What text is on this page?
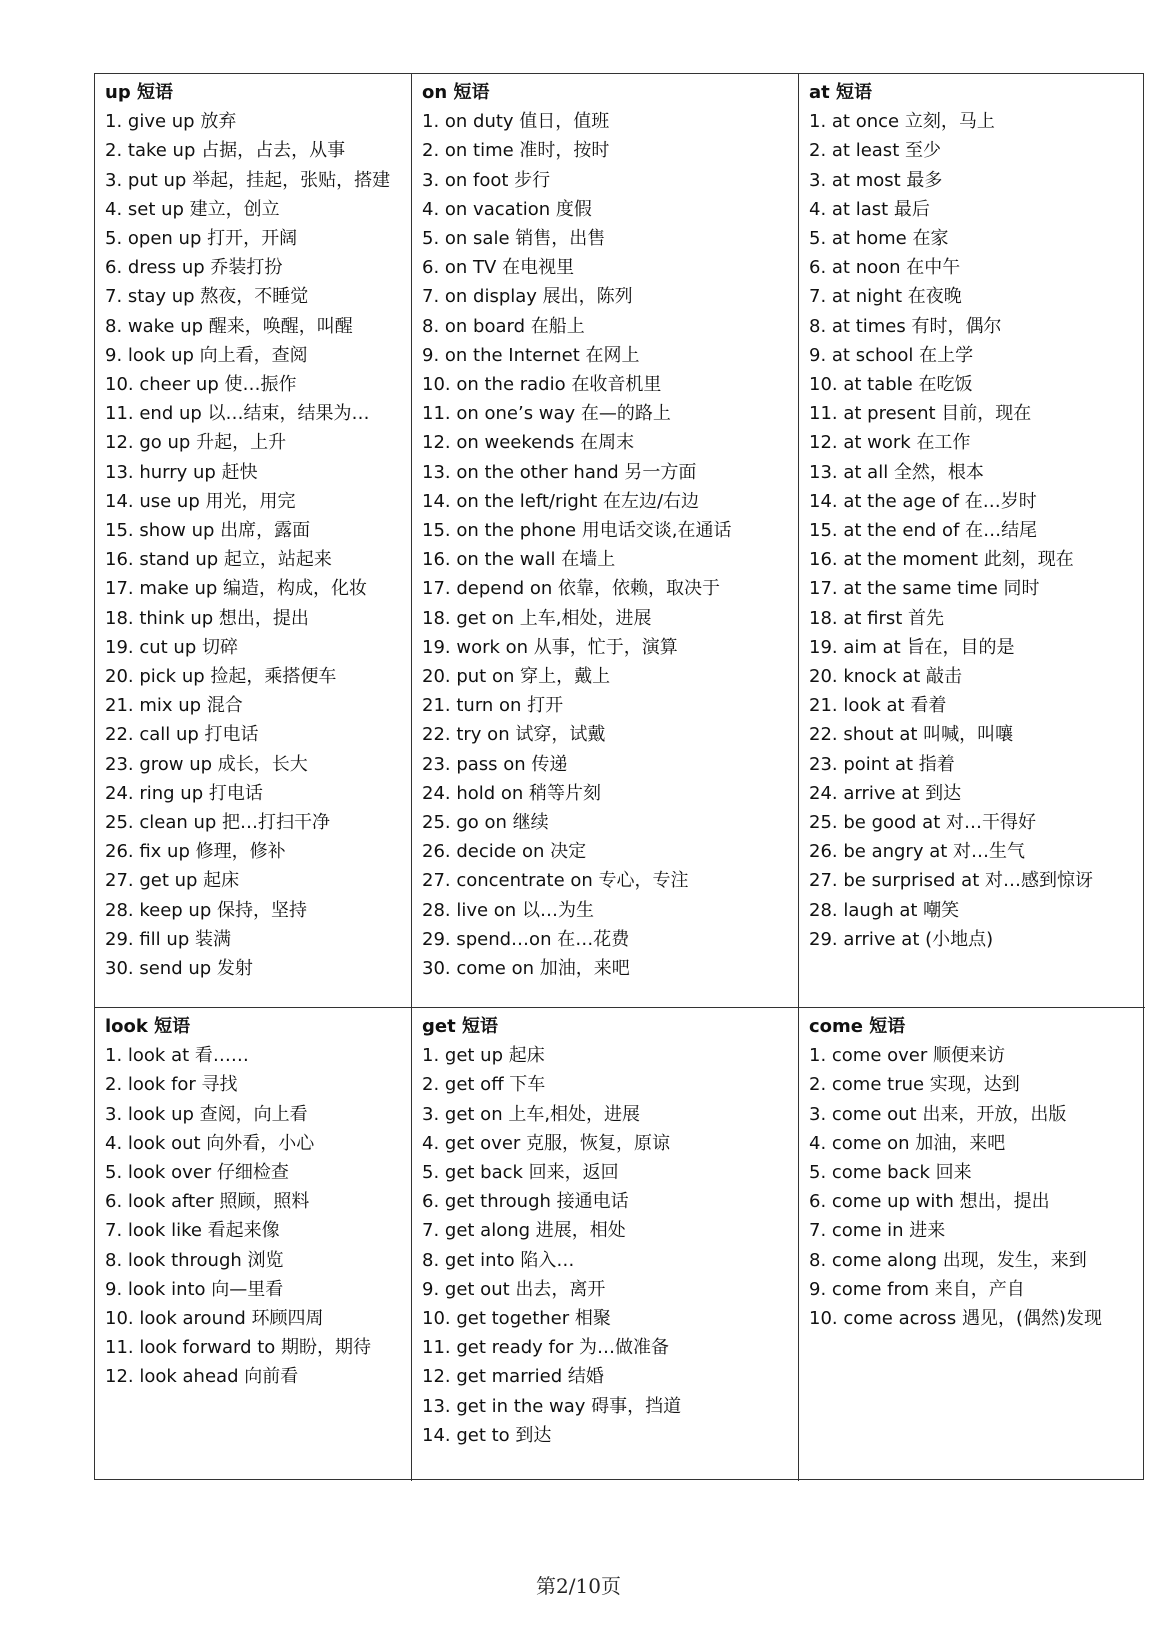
up 短语
1. give up 放弃
2. take up 占据，占去，从事
3. put up 举起，挂起，张贴，搭建
4. set up 建立，创立
5. open up 打开，开阔
6. dress up 乔装打扮
7. stay up 熬夜，不睡觉
8. wake up 醒来，唤醒，叫醒
9. look up 向上看，查阅
10. cheer up 使…振作
11. end up 以…结束，结果为…
12. go up 升起，上升
13. hurry up 赶快
14. use up 用光，用完
15. show up 出席，露面
16. stand up 起立，站起来
17. make up 编造，构成，化妆
18. think up 想出，提出
19. cut up 切碎
20. pick up 捡起，乘搭便车
21. mix up 混合
22. call up 打电话
23. grow up 成长，长大
24. ring up 打电话
25. clean up 把…打扫干净
26. fix up 修理，修补
27. get up 起床
28. keep up 保持，坚持
29. fill up 装满
30. send up 发射
on 短语
1. on duty 值日，值班
2. on time 准时，按时
3. on foot 步行
4. on vacation 度假
5. on sale 销售，出售
6. on TV 在电视里
7. on display 展出，陈列
8. on board 在船上
9. on the Internet 在网上
10. on the radio 在收音机里
11. on one’s way 在—的路上
12. on weekends 在周末
13. on the other hand 另一方面
14. on the left/right 在左边/右边
15. on the phone 用电话交谈,在通话
16. on the wall 在墙上
17. depend on 依靠，依赖，取决于
18. get on 上车,相处，进展
19. work on 从事，忙于，演算
20. put on 穿上，戴上
21. turn on 打开
22. try on 试穿，试戴
23. pass on 传递
24. hold on 稍等片刻
25. go on 继续
26. decide on 决定
27. concentrate on 专心，专注
28. live on 以…为生
29. spend…on 在…花费
30. come on 加油，来吧
at 短语
1. at once 立刻，马上
2. at least 至少
3. at most 最多
4. at last 最后
5. at home 在家
6. at noon 在中午
7. at night 在夜晚
8. at times 有时，偶尔
9. at school 在上学
10. at table 在吃饭
11. at present 目前，现在
12. at work 在工作
13. at all 全然，根本
14. at the age of 在…岁时
15. at the end of 在…结尾
16. at the moment 此刻，现在
17. at the same time 同时
18. at first 首先
19. aim at 旨在，目的是
20. knock at 敲击
21. look at 看着
22. shout at 叫喊，叫嚷
23. point at 指着
24. arrive at 到达
25. be good at 对…干得好
26. be angry at 对…生气
27. be surprised at 对…感到惊讶
28. laugh at 嘲笑
29. arrive at (小地点)
look 短语
1. look at 看……
2. look for 寻找
3. look up 查阅，向上看
4. look out 向外看，小心
5. look over 仔细检查
6. look after 照顾，照料
7. look like 看起来像
8. look through 浏览
9. look into 向—里看
10. look around 环顾四周
11. look forward to 期盼，期待
12. look ahead 向前看
get 短语
1. get up 起床
2. get off 下车
3. get on 上车,相处，进展
4. get over 克服，恢复，原谅
5. get back 回来，返回
6. get through 接通电话
7. get along 进展，相处
8. get into 陷入…
9. get out 出去，离开
10. get together 相聚
11. get ready for 为…做准备
12. get married 结婚
13. get in the way 碍事，挡道
14. get to 到达
come 短语
1. come over 顺便来访
2. come true 实现，达到
3. come out 出来，开放，出版
4. come on 加油，来吧
5. come back 回来
6. come up with 想出，提出
7. come in 进来
8. come along 出现，发生，来到
9. come from 来自，产自
10. come across 遇见，(偶然)发现
第2/10页
